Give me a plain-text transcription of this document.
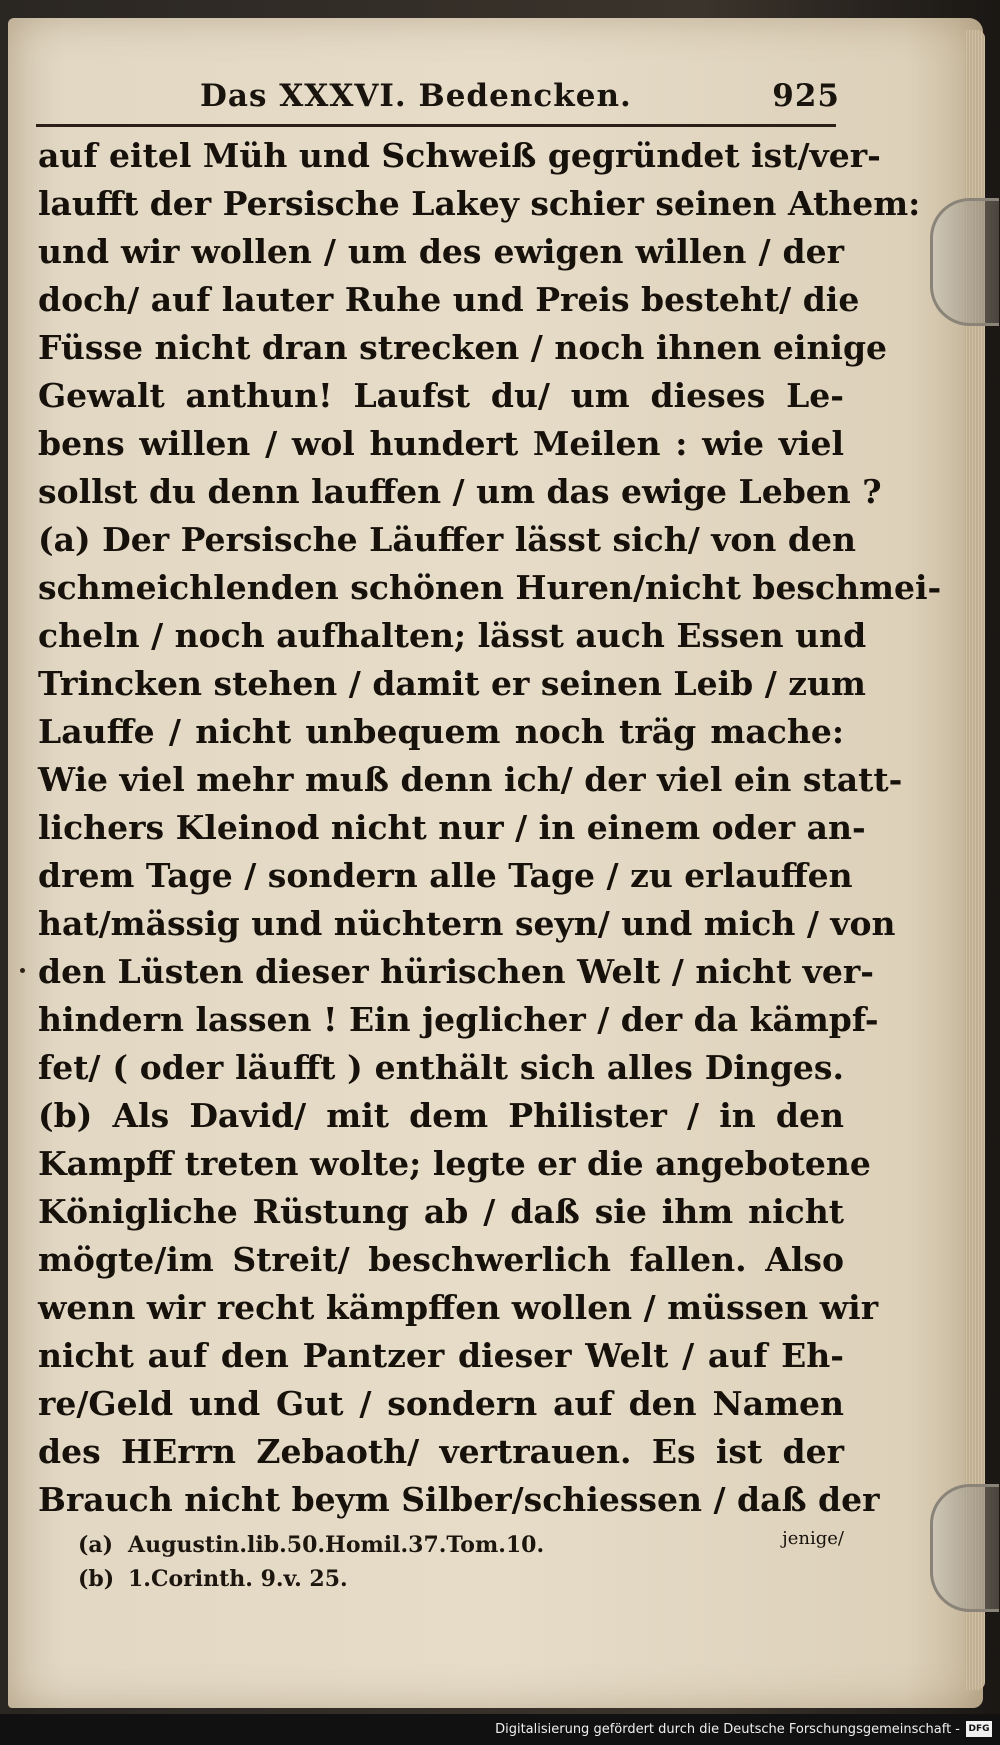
Das XXXVI. Bedencken.	925
auf eitel Müh und Schweiß gegründet ist/ver-
laufft der Persische Lakey schier seinen Athem:
und wir wollen / um des ewigen willen / der
doch/ auf lauter Ruhe und Preis besteht/ die
Füsse nicht dran strecken / noch ihnen einige
Gewalt anthun! Laufst du/ um dieses Le-
bens willen / wol hundert Meilen : wie viel
sollst du denn lauffen / um das ewige Leben ?
(a) Der Persische Läuffer lässt sich/ von den
schmeichlenden schönen Huren/nicht beschmei-
cheln / noch aufhalten; lässt auch Essen und
Trincken stehen / damit er seinen Leib / zum
Lauffe / nicht unbequem noch träg mache:
Wie viel mehr muß denn ich/ der viel ein statt-
lichers Kleinod nicht nur / in einem oder an-
drem Tage / sondern alle Tage / zu erlauffen
hat/mässig und nüchtern seyn/ und mich / von
den Lüsten dieser hürischen Welt / nicht ver-
hindern lassen ! Ein jeglicher / der da kämpf-
fet/ ( oder läufft ) enthält sich alles Dinges.
(b) Als David/ mit dem Philister / in den
Kampff treten wolte; legte er die angebotene
Königliche Rüstung ab / daß sie ihm nicht
mögte/im Streit/ beschwerlich fallen. Also
wenn wir recht kämpffen wollen / müssen wir
nicht auf den Pantzer dieser Welt / auf Eh-
re/Geld und Gut / sondern auf den Namen
des HErrn Zebaoth/ vertrauen. Es ist der
Brauch nicht beym Silber/schiessen / daß der
jenige/
(a) Augustin.lib.50.Homil.37.Tom.10.
(b) 1.Corinth. 9.v. 25.
Digitalisierung gefördert durch die Deutsche Forschungsgemeinschaft - DFG
